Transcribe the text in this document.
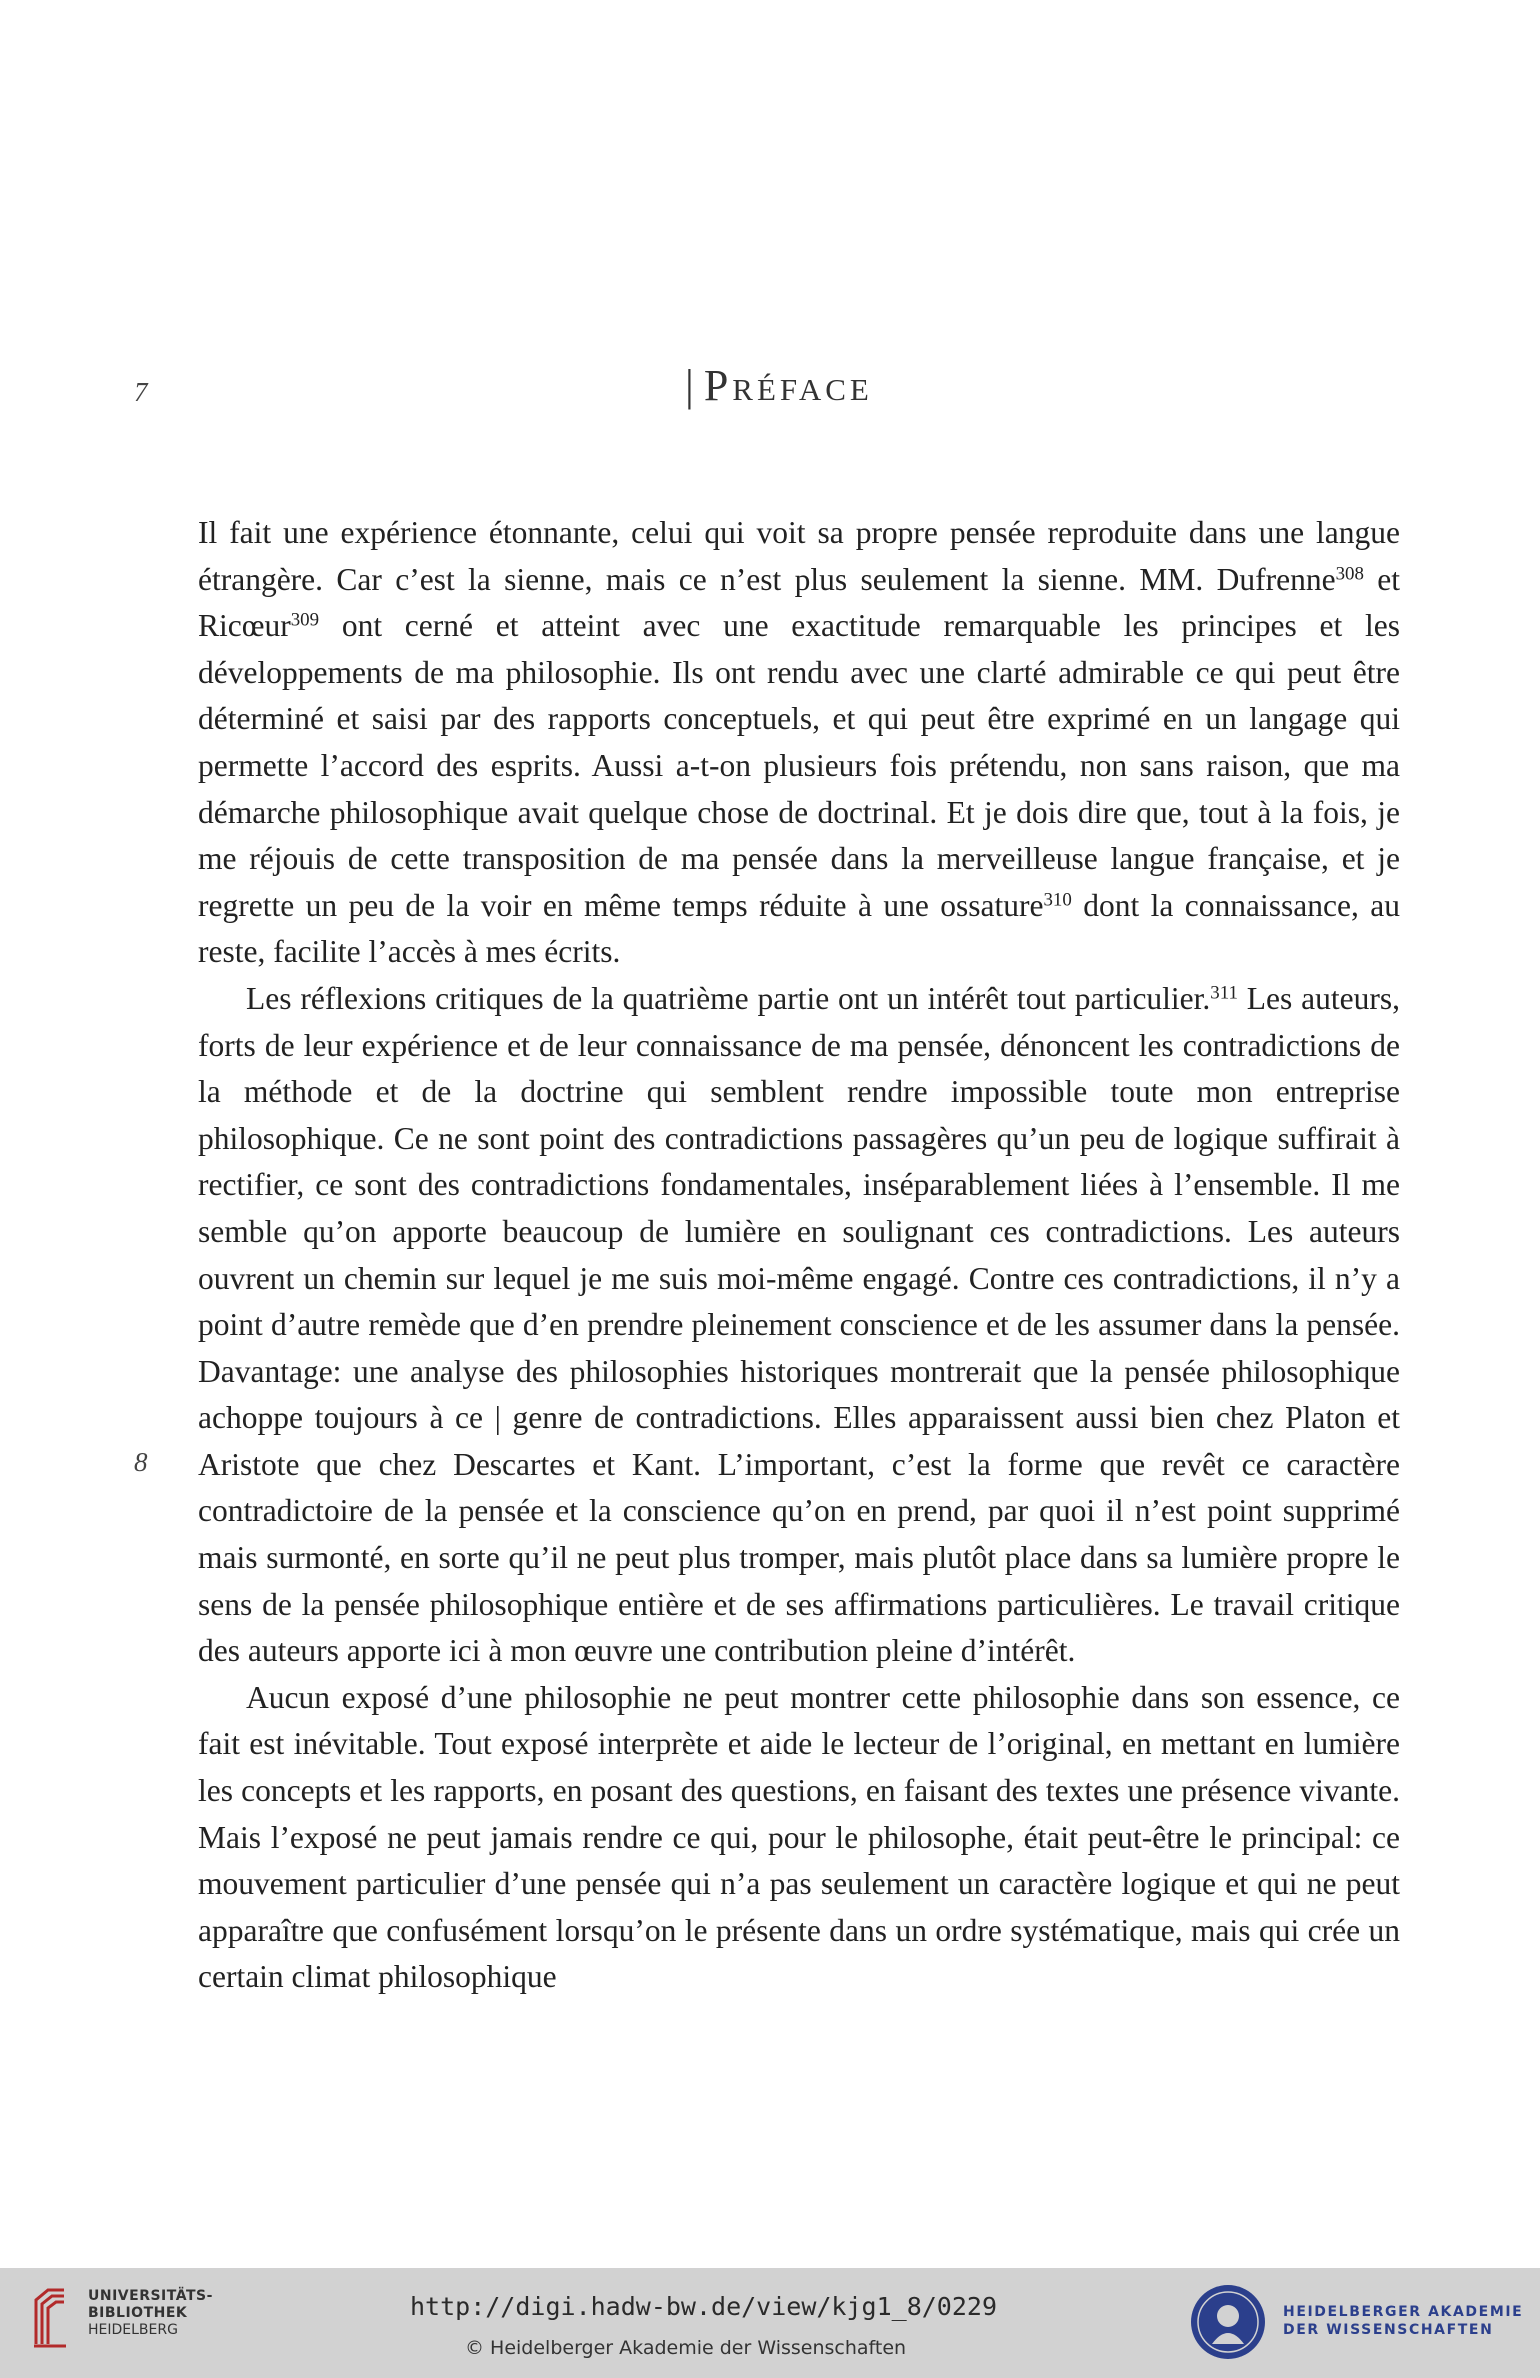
7
8
| Préface

Il fait une expérience étonnante, celui qui voit sa propre pensée reproduite dans une langue étrangère. Car c’est la sienne, mais ce n’est plus seulement la sienne. MM. Dufrenne$^{308}$ et Ricœur$^{309}$ ont cerné et atteint avec une exactitude remarquable les principes et les développements de ma philosophie. Ils ont rendu avec une clarté admirable ce qui peut être déterminé et saisi par des rapports conceptuels, et qui peut être exprimé en un langage qui permette l’accord des esprits. Aussi a-t-on plusieurs fois prétendu, non sans raison, que ma démarche philosophique avait quelque chose de doctrinal. Et je dois dire que, tout à la fois, je me réjouis de cette transposition de ma pensée dans la merveilleuse langue française, et je regrette un peu de la voir en même temps réduite à une ossature$^{310}$ dont la connaissance, au reste, facilite l’accès à mes écrits.

Les réflexions critiques de la quatrième partie ont un intérêt tout particulier.$^{311}$ Les auteurs, forts de leur expérience et de leur connaissance de ma pensée, dénoncent les contradictions de la méthode et de la doctrine qui semblent rendre impossible toute mon entreprise philosophique. Ce ne sont point des contradictions passagères qu’un peu de logique suffirait à rectifier, ce sont des contradictions fondamentales, inséparablement liées à l’ensemble. Il me semble qu’on apporte beaucoup de lumière en soulignant ces contradictions. Les auteurs ouvrent un chemin sur lequel je me suis moi-même engagé. Contre ces contradictions, il n’y a point d’autre remède que d’en prendre pleinement conscience et de les assumer dans la pensée. Davantage: une analyse des philosophies historiques montrerait que la pensée philosophique achoppe toujours à ce | genre de contradictions. Elles apparaissent aussi bien chez Platon et Aristote que chez Descartes et Kant. L’important, c’est la forme que revêt ce caractère contradictoire de la pensée et la conscience qu’on en prend, par quoi il n’est point supprimé mais surmonté, en sorte qu’il ne peut plus tromper, mais plutôt place dans sa lumière propre le sens de la pensée philosophique entière et de ses affirmations particulières. Le travail critique des auteurs apporte ici à mon œuvre une contribution pleine d’intérêt.

Aucun exposé d’une philosophie ne peut montrer cette philosophie dans son essence, ce fait est inévitable. Tout exposé interprète et aide le lecteur de l’original, en mettant en lumière les concepts et les rapports, en posant des questions, en faisant des textes une présence vivante. Mais l’exposé ne peut jamais rendre ce qui, pour le philosophe, était peut-être le principal: ce mouvement particulier d’une pensée qui n’a pas seulement un caractère logique et qui ne peut apparaître que confusément lorsqu’on le présente dans un ordre systématique, mais qui crée un certain climat philosophique

UNIVERSITÄTS-
BIBLIOTHEK
HEIDELBERG
http://digi.hadw-bw.de/view/kjg1_8/0229
© Heidelberger Akademie der Wissenschaften
HEIDELBERGER AKADEMIE
DER WISSENSCHAFTEN
